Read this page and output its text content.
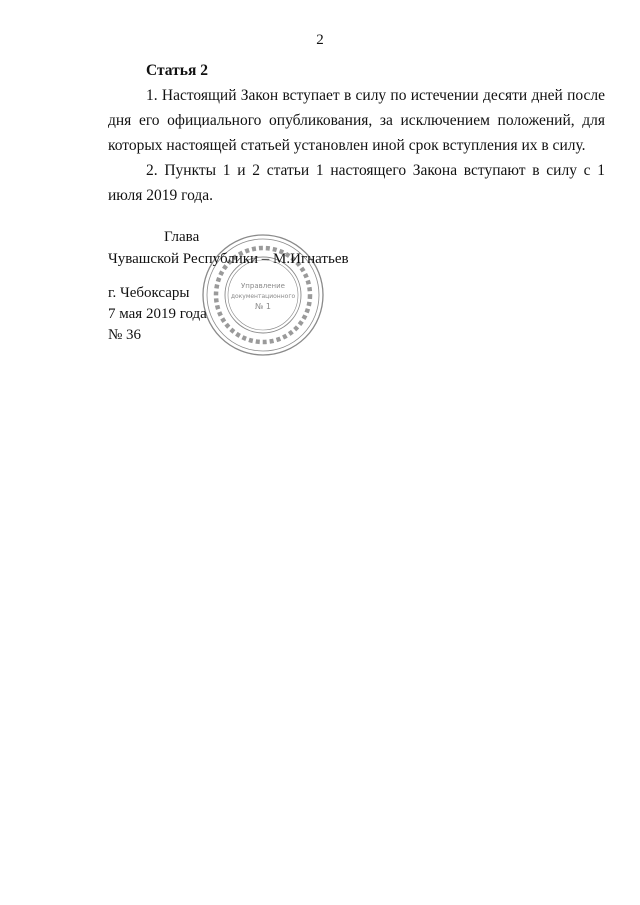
2
Статья 2

1. Настоящий Закон вступает в силу по истечении десяти дней после дня его официального опубликования, за исключением положений, для которых настоящей статьей установлен иной срок вступления их в силу.

2. Пункты 1 и 2 статьи 1 настоящего Закона вступают в силу с 1 июля 2019 года.

Управление
документационного
№ 1
Глава
Чувашской Республики – М.Игнатьев
г. Чебоксары
7 мая 2019 года
№ 36
